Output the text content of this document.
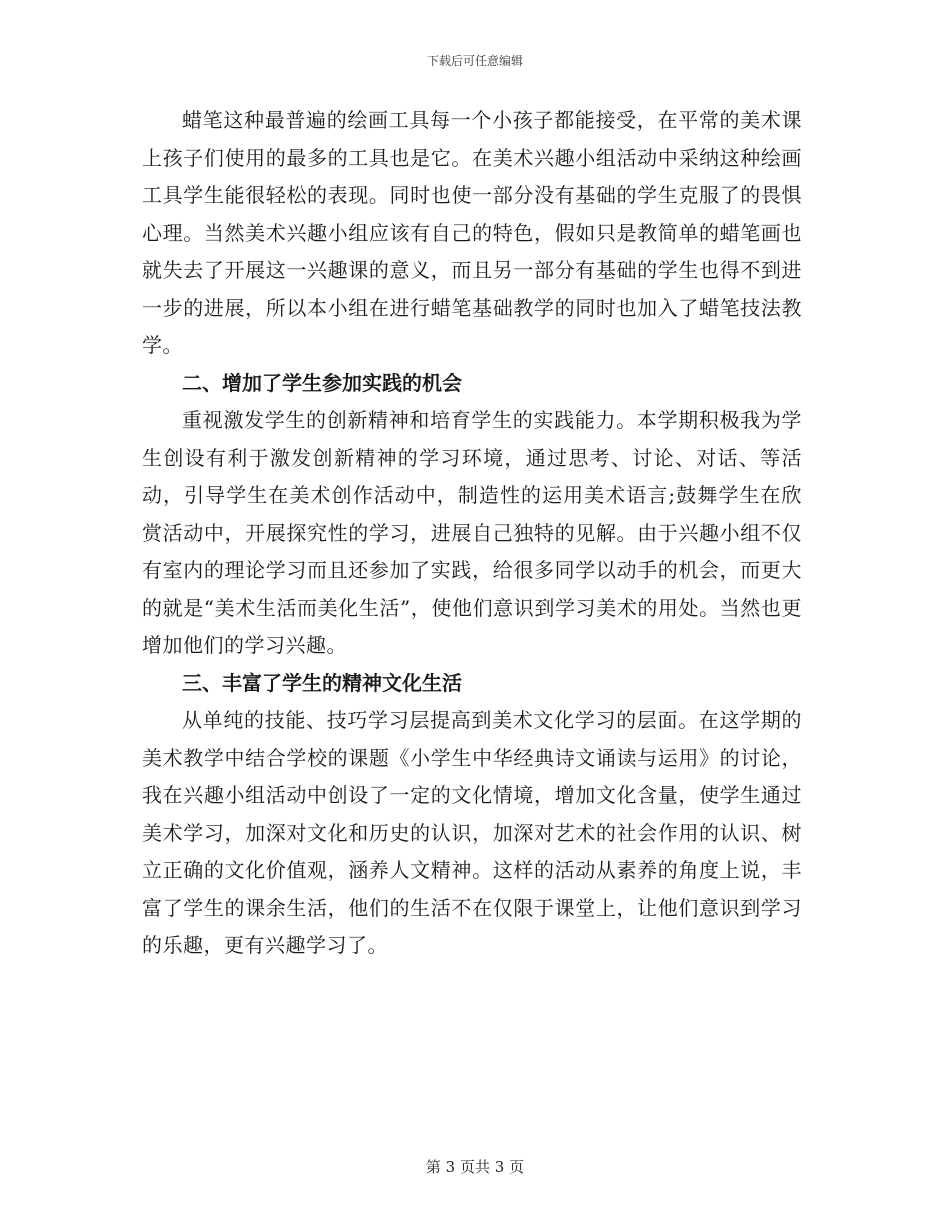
下载后可任意编辑

蜡笔这种最普遍的绘画工具每一个小孩子都能接受，在平常的美术课上孩子们使用的最多的工具也是它。在美术兴趣小组活动中采纳这种绘画工具学生能很轻松的表现。同时也使一部分没有基础的学生克服了的畏惧心理。当然美术兴趣小组应该有自己的特色，假如只是教简单的蜡笔画也就失去了开展这一兴趣课的意义，而且另一部分有基础的学生也得不到进一步的进展，所以本小组在进行蜡笔基础教学的同时也加入了蜡笔技法教学。

二、增加了学生参加实践的机会

重视激发学生的创新精神和培育学生的实践能力。本学期积极我为学生创设有利于激发创新精神的学习环境，通过思考、讨论、对话、等活动，引导学生在美术创作活动中，制造性的运用美术语言;鼓舞学生在欣赏活动中，开展探究性的学习，进展自己独特的见解。由于兴趣小组不仅有室内的理论学习而且还参加了实践，给很多同学以动手的机会，而更大的就是“美术生活而美化生活”，使他们意识到学习美术的用处。当然也更增加他们的学习兴趣。

三、丰富了学生的精神文化生活

从单纯的技能、技巧学习层提高到美术文化学习的层面。在这学期的美术教学中结合学校的课题《小学生中华经典诗文诵读与运用》的讨论，我在兴趣小组活动中创设了一定的文化情境，增加文化含量，使学生通过美术学习，加深对文化和历史的认识，加深对艺术的社会作用的认识、树立正确的文化价值观，涵养人文精神。这样的活动从素养的角度上说，丰富了学生的课余生活，他们的生活不在仅限于课堂上，让他们意识到学习的乐趣，更有兴趣学习了。

第 3 页共 3 页
